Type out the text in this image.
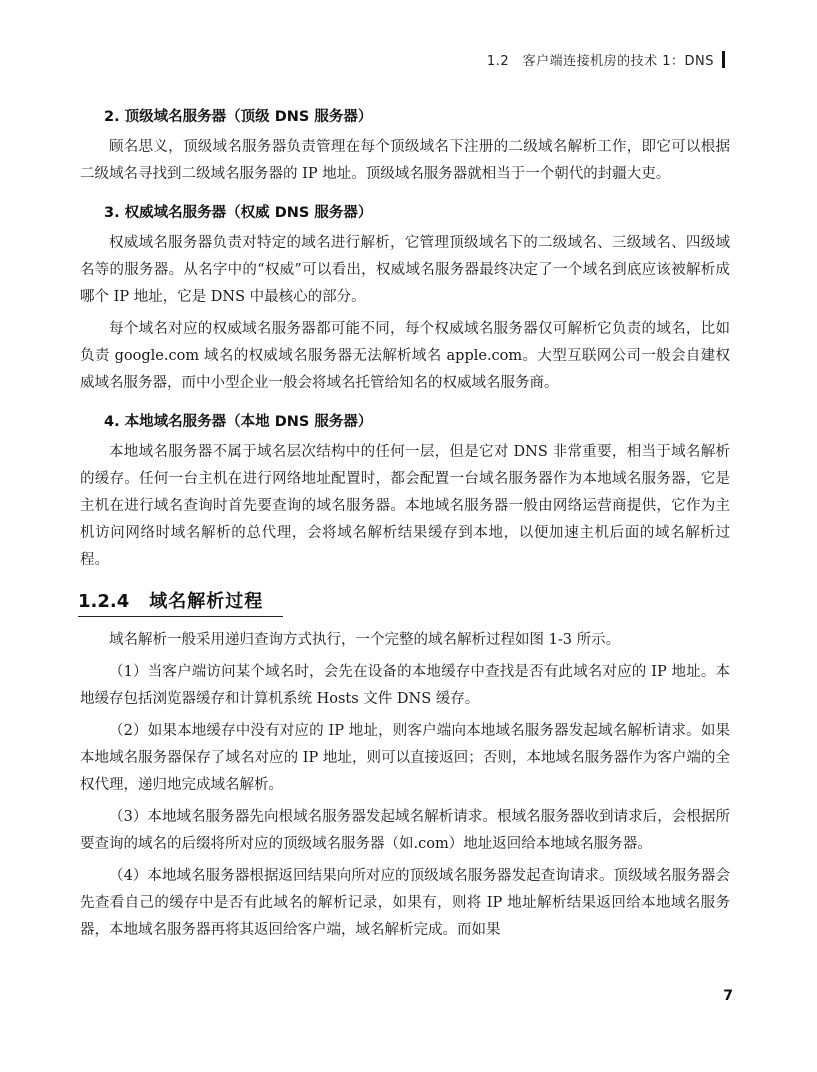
1.2　客户端连接机房的技术 1：DNS
2. 顶级域名服务器（顶级 DNS 服务器）

顾名思义，顶级域名服务器负责管理在每个顶级域名下注册的二级域名解析工作，即它可以根据二级域名寻找到二级域名服务器的 IP 地址。顶级域名服务器就相当于一个朝代的封疆大吏。

3. 权威域名服务器（权威 DNS 服务器）

权威域名服务器负责对特定的域名进行解析，它管理顶级域名下的二级域名、三级域名、四级域名等的服务器。从名字中的“权威”可以看出，权威域名服务器最终决定了一个域名到底应该被解析成哪个 IP 地址，它是 DNS 中最核心的部分。

每个域名对应的权威域名服务器都可能不同，每个权威域名服务器仅可解析它负责的域名，比如负责 google.com 域名的权威域名服务器无法解析域名 apple.com。大型互联网公司一般会自建权威域名服务器，而中小型企业一般会将域名托管给知名的权威域名服务商。

4. 本地域名服务器（本地 DNS 服务器）

本地域名服务器不属于域名层次结构中的任何一层，但是它对 DNS 非常重要，相当于域名解析的缓存。任何一台主机在进行网络地址配置时，都会配置一台域名服务器作为本地域名服务器，它是主机在进行域名查询时首先要查询的域名服务器。本地域名服务器一般由网络运营商提供，它作为主机访问网络时域名解析的总代理，会将域名解析结果缓存到本地，以便加速主机后面的域名解析过程。

1.2.4 域名解析过程

域名解析一般采用递归查询方式执行，一个完整的域名解析过程如图 1-3 所示。

（1）当客户端访问某个域名时，会先在设备的本地缓存中查找是否有此域名对应的 IP 地址。本地缓存包括浏览器缓存和计算机系统 Hosts 文件 DNS 缓存。

（2）如果本地缓存中没有对应的 IP 地址，则客户端向本地域名服务器发起域名解析请求。如果本地域名服务器保存了域名对应的 IP 地址，则可以直接返回；否则，本地域名服务器作为客户端的全权代理，递归地完成域名解析。

（3）本地域名服务器先向根域名服务器发起域名解析请求。根域名服务器收到请求后，会根据所要查询的域名的后缀将所对应的顶级域名服务器（如.com）地址返回给本地域名服务器。

（4）本地域名服务器根据返回结果向所对应的顶级域名服务器发起查询请求。顶级域名服务器会先查看自己的缓存中是否有此域名的解析记录，如果有，则将 IP 地址解析结果返回给本地域名服务器，本地域名服务器再将其返回给客户端，域名解析完成。而如果

7
